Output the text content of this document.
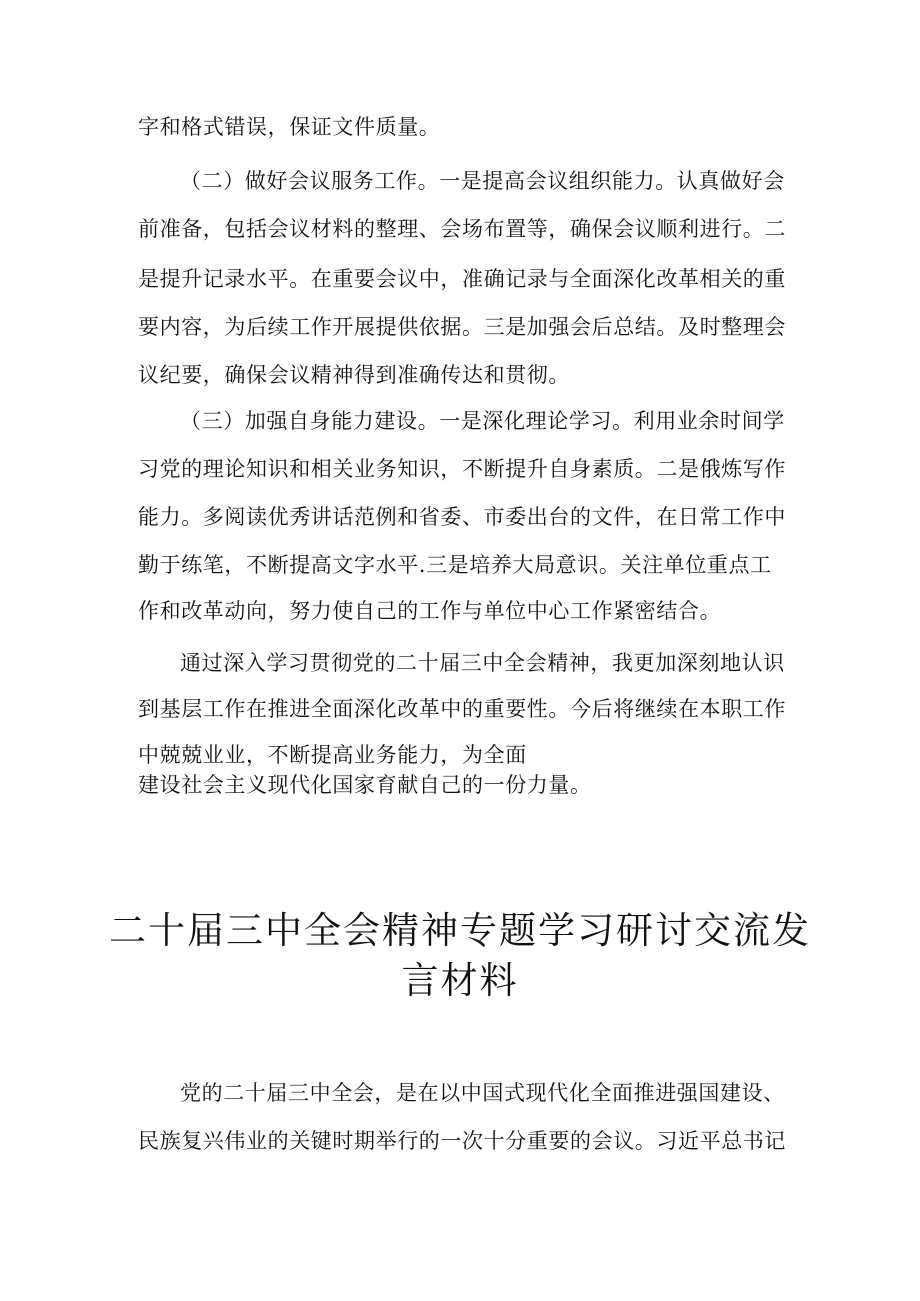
字和格式错误，保证文件质量。
（二）做好会议服务工作。一是提高会议组织能力。认真做好会
前准备，包括会议材料的整理、会场布置等，确保会议顺利进行。二
是提升记录水平。在重要会议中，准确记录与全面深化改革相关的重
要内容，为后续工作开展提供依据。三是加强会后总结。及时整理会
议纪要，确保会议精神得到准确传达和贯彻。
（三）加强自身能力建设。一是深化理论学习。利用业余时间学
习党的理论知识和相关业务知识，不断提升自身素质。二是俄炼写作
能力。多阅读优秀讲话范例和省委、市委出台的文件，在日常工作中
勤于练笔，不断提高文字水平.三是培养大局意识。关注单位重点工
作和改革动向，努力使自己的工作与单位中心工作紧密结合。
通过深入学习贯彻党的二十届三中全会精神，我更加深刻地认识
到基层工作在推进全面深化改革中的重要性。今后将继续在本职工作
中兢兢业业，不断提高业务能力，为全面
建设社会主义现代化国家育献自己的一份力量。
二十届三中全会精神专题学习研讨交流发
言材料
党的二十届三中全会，是在以中国式现代化全面推进强国建设、
民族复兴伟业的关键时期举行的一次十分重要的会议。习近平总书记
